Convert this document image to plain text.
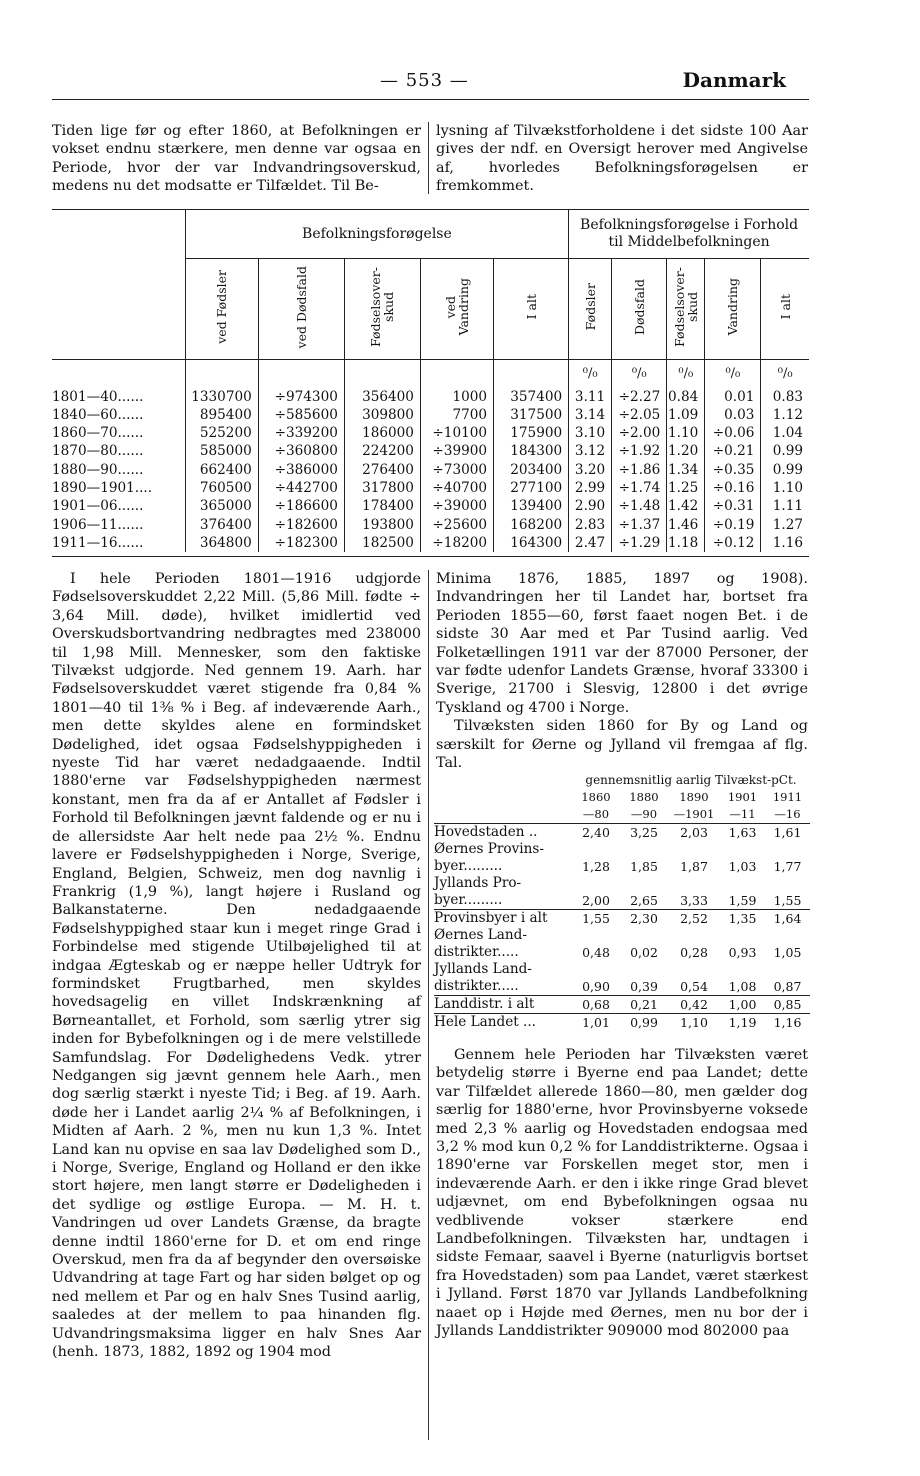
— 553 —	Danmark

Tiden lige før og efter 1860, at Befolkningen er vokset endnu stærkere, men denne var ogsaa en Periode, hvor der var Indvandringsoverskud, medens nu det modsatte er Tilfældet. Til Be-

lysning af Tilvækstforholdene i det sidste 100 Aar gives der ndf. en Oversigt herover med Angivelse af, hvorledes Befolkningsforøgelsen er fremkommet.

	Befolkningsforøgelse					Befolkningsforøgelse i Forhold til Middelbefolkningen				
	ved Fødsler	ved Dødsfald	Fødselsover-
skud	ved
Vandring	I alt	Fødsler	Dødsfald	Fødselsover-
skud	Vandring	I alt
						⁰/₀	⁰/₀	⁰/₀	⁰/₀	⁰/₀
1801—40......	1330700	÷974300	356400	1000	357400	3.11	÷2.27	0.84	0.01	0.83
1840—60......	895400	÷585600	309800	7700	317500	3.14	÷2.05	1.09	0.03	1.12
1860—70......	525200	÷339200	186000	÷10100	175900	3.10	÷2.00	1.10	÷0.06	1.04
1870—80......	585000	÷360800	224200	÷39900	184300	3.12	÷1.92	1.20	÷0.21	0.99
1880—90......	662400	÷386000	276400	÷73000	203400	3.20	÷1.86	1.34	÷0.35	0.99
1890—1901....	760500	÷442700	317800	÷40700	277100	2.99	÷1.74	1.25	÷0.16	1.10
1901—06......	365000	÷186600	178400	÷39000	139400	2.90	÷1.48	1.42	÷0.31	1.11
1906—11......	376400	÷182600	193800	÷25600	168200	2.83	÷1.37	1.46	÷0.19	1.27
1911—16......	364800	÷182300	182500	÷18200	164300	2.47	÷1.29	1.18	÷0.12	1.16

I hele Perioden 1801—1916 udgjorde Fødselsoverskuddet 2,22 Mill. (5,86 Mill. fødte ÷ 3,64 Mill. døde), hvilket imidlertid ved Overskudsbortvandring nedbragtes med 238000 til 1,98 Mill. Mennesker, som den faktiske Tilvækst udgjorde. Ned gennem 19. Aarh. har Fødselsoverskuddet været stigende fra 0,84 % 1801—40 til 1⅜ % i Beg. af indeværende Aarh., men dette skyldes alene en formindsket Dødelighed, idet ogsaa Fødselshyppigheden i nyeste Tid har været nedadgaaende. Indtil 1880'erne var Fødselshyppigheden nærmest konstant, men fra da af er Antallet af Fødsler i Forhold til Befolkningen jævnt faldende og er nu i de allersidste Aar helt nede paa 2½ %. Endnu lavere er Fødselshyppigheden i Norge, Sverige, England, Belgien, Schweiz, men dog navnlig i Frankrig (1,9 %), langt højere i Rusland og Balkanstaterne. Den nedadgaaende Fødselshyppighed staar kun i meget ringe Grad i Forbindelse med stigende Utilbøjelighed til at indgaa Ægteskab og er næppe heller Udtryk for formindsket Frugtbarhed, men skyldes hovedsagelig en villet Indskrænkning af Børneantallet, et Forhold, som særlig ytrer sig inden for Bybefolkningen og i de mere velstillede Samfundslag. For Dødelighedens Vedk. ytrer Nedgangen sig jævnt gennem hele Aarh., men dog særlig stærkt i nyeste Tid; i Beg. af 19. Aarh. døde her i Landet aarlig 2¼ % af Befolkningen, i Midten af Aarh. 2 %, men nu kun 1,3 %. Intet Land kan nu opvise en saa lav Dødelighed som D., i Norge, Sverige, England og Holland er den ikke stort højere, men langt større er Dødeligheden i det sydlige og østlige Europa. — M. H. t. Vandringen ud over Landets Grænse, da bragte denne indtil 1860'erne for D. et om end ringe Overskud, men fra da af begynder den oversøiske Udvandring at tage Fart og har siden bølget op og ned mellem et Par og en halv Snes Tusind aarlig, saaledes at der mellem to paa hinanden flg. Udvandringsmaksima ligger en halv Snes Aar (henh. 1873, 1882, 1892 og 1904 mod

Minima 1876, 1885, 1897 og 1908). Indvandringen her til Landet har, bortset fra Perioden 1855—60, først faaet nogen Bet. i de sidste 30 Aar med et Par Tusind aarlig. Ved Folketællingen 1911 var der 87000 Personer, der var fødte udenfor Landets Grænse, hvoraf 33300 i Sverige, 21700 i Slesvig, 12800 i det øvrige Tyskland og 4700 i Norge.

Tilvæksten siden 1860 for By og Land og særskilt for Øerne og Jylland vil fremgaa af flg. Tal.

	gennemsnitlig aarlig Tilvækst-pCt.				
	1860	1880	1890	1901	1911
	—80	—90	—1901	—11	—16
Hovedstaden ..	2,40	3,25	2,03	1,63	1,61
Øernes Provins-					
byer.........	1,28	1,85	1,87	1,03	1,77
Jyllands Pro-					
byer.........	2,00	2,65	3,33	1,59	1,55
Provinsbyer i alt	1,55	2,30	2,52	1,35	1,64
Øernes Land-					
distrikter.....	0,48	0,02	0,28	0,93	1,05
Jyllands Land-					
distrikter.....	0,90	0,39	0,54	1,08	0,87
Landdistr. i alt	0,68	0,21	0,42	1,00	0,85
Hele Landet ...	1,01	0,99	1,10	1,19	1,16

Gennem hele Perioden har Tilvæksten været betydelig større i Byerne end paa Landet; dette var Tilfældet allerede 1860—80, men gælder dog særlig for 1880'erne, hvor Provinsbyerne voksede med 2,3 % aarlig og Hovedstaden endogsaa med 3,2 % mod kun 0,2 % for Landdistrikterne. Ogsaa i 1890'erne var Forskellen meget stor, men i indeværende Aarh. er den i ikke ringe Grad blevet udjævnet, om end Bybefolkningen ogsaa nu vedblivende vokser stærkere end Landbefolkningen. Tilvæksten har, undtagen i sidste Femaar, saavel i Byerne (naturligvis bortset fra Hovedstaden) som paa Landet, været stærkest i Jylland. Først 1870 var Jyllands Landbefolkning naaet op i Højde med Øernes, men nu bor der i Jyllands Landdistrikter 909000 mod 802000 paa
